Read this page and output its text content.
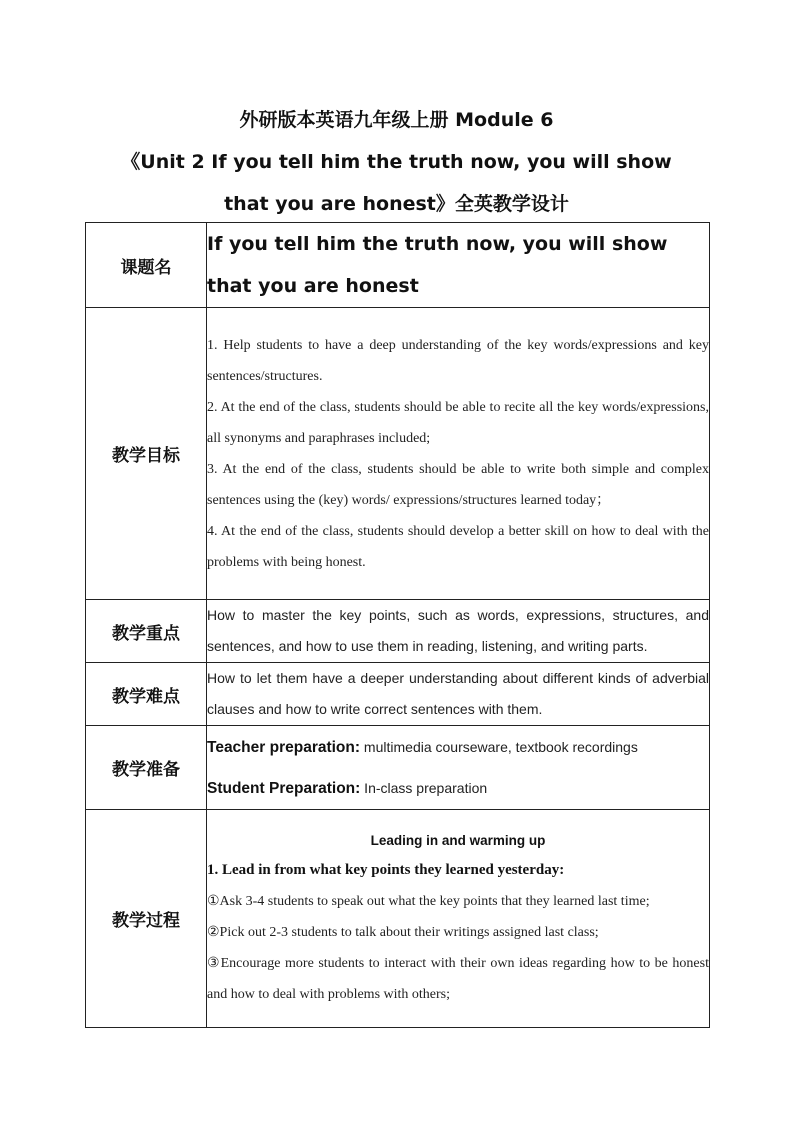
外研版本英语九年级上册 Module 6
《Unit 2 If you tell him the truth now, you will show
that you are honest》全英教学设计
课题名	If you tell him the truth now, you will show that you are honest

教学目标	1. Help students to have a deep understanding of the key words/expressions and key sentences/structures.

2. At the end of the class, students should be able to recite all the key words/expressions, all synonyms and paraphrases included;

3. At the end of the class, students should be able to write both simple and complex sentences using the (key) words/ expressions/structures learned today；

4. At the end of the class, students should develop a better skill on how to deal with the problems with being honest.

教学重点	How to master the key points, such as words, expressions, structures, and sentences, and how to use them in reading, listening, and writing parts.

教学难点	How to let them have a deeper understanding about different kinds of adverbial clauses and how to write correct sentences with them.

教学准备	Teacher preparation: multimedia courseware, textbook recordings
Student Preparation: In-class preparation

教学过程	Leading in and warming up
1. Lead in from what key points they learned yesterday:

①Ask 3-4 students to speak out what the key points that they learned last time;

②Pick out 2-3 students to talk about their writings assigned last class;

③Encourage more students to interact with their own ideas regarding how to be honest and how to deal with problems with others;
